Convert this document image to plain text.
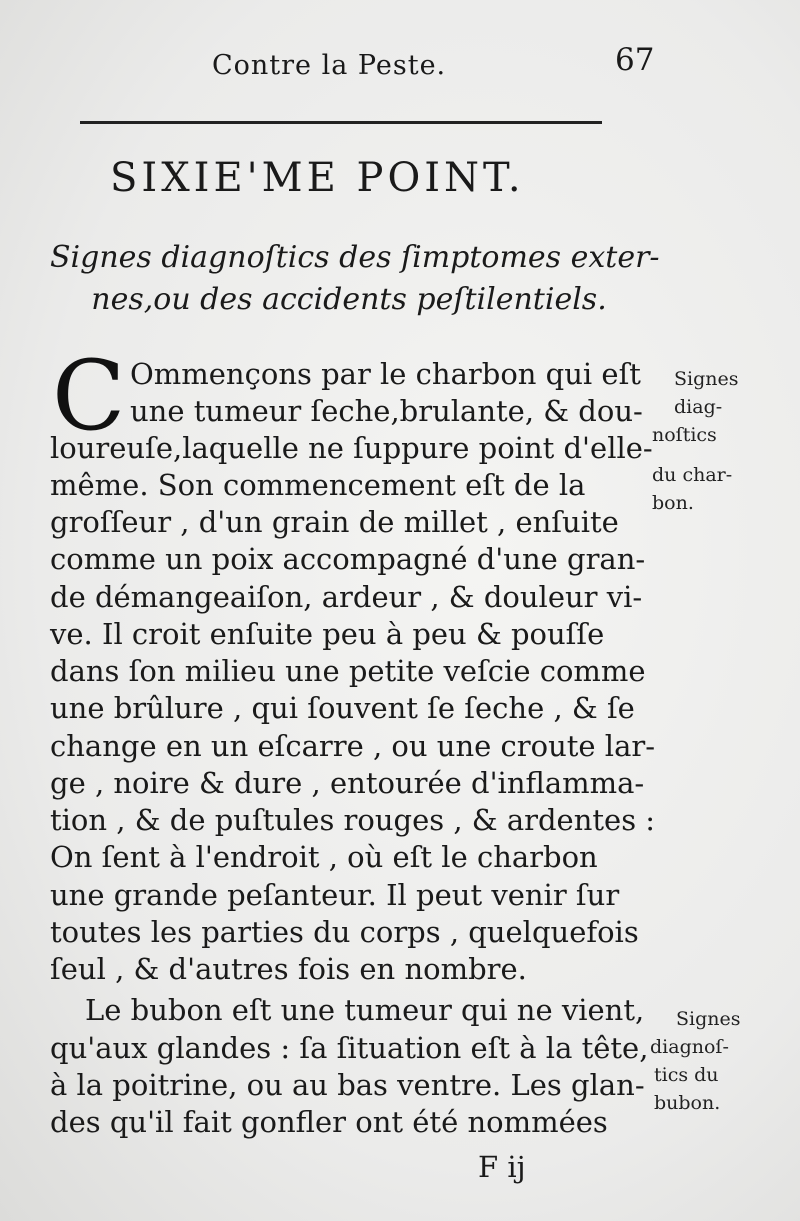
Contre la Peste.	67
SIXIE'ME POINT.
Signes diagnoſtics des ſimptomes exter-
nes,ou des accidents peſtilentiels.
C Ommençons par le charbon qui eſt
une tumeur ſeche,brulante, & dou-
loureuſe,laquelle ne ſuppure point d'elle-
même. Son commencement eſt de la
groſſeur , d'un grain de millet , enſuite
comme un poix accompagné d'une gran-
de démangeaiſon, ardeur , & douleur vi-
ve. Il croit enſuite peu à peu & pouſſe
dans ſon milieu une petite veſcie comme
une brûlure , qui ſouvent ſe ſeche , & ſe
change en un eſcarre , ou une croute lar-
ge , noire & dure , entourée d'inflamma-
tion , & de puſtules rouges , & ardentes :
On ſent à l'endroit , où eſt le charbon
une grande peſanteur. Il peut venir ſur
toutes les parties du corps , quelquefois
ſeul , & d'autres fois en nombre.
Le bubon eſt une tumeur qui ne vient,
qu'aux glandes : ſa ſituation eſt à la tête,
à la poitrine, ou au bas ventre. Les glan-
des qu'il fait gonfler ont été nommées
Signes
diag-
noſtics
du char-
bon.
Signes
diagnoſ-
tics du
bubon.
F ij
